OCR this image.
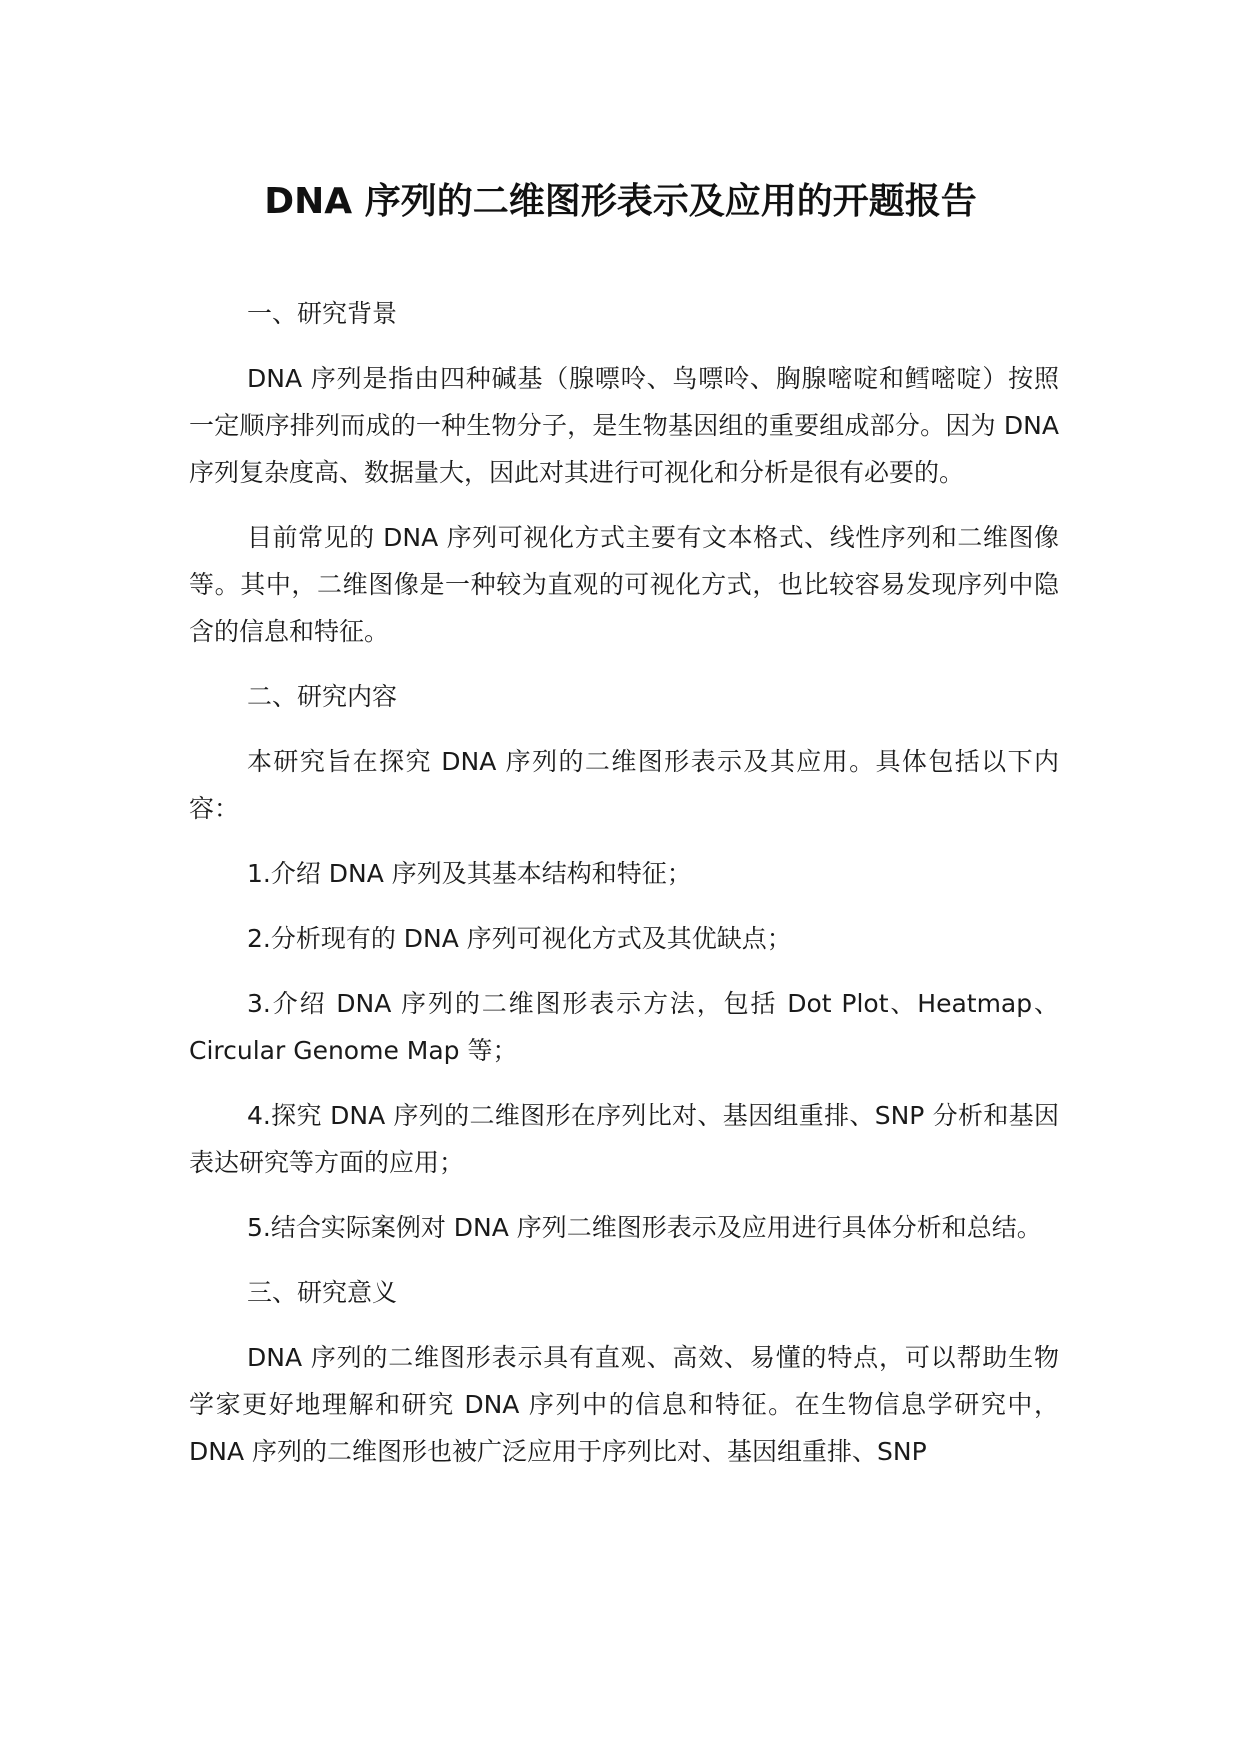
DNA 序列的二维图形表示及应用的开题报告

一、研究背景

DNA 序列是指由四种碱基（腺嘌呤、鸟嘌呤、胸腺嘧啶和鳕嘧啶）按照一定顺序排列而成的一种生物分子，是生物基因组的重要组成部分。因为 DNA 序列复杂度高、数据量大，因此对其进行可视化和分析是很有必要的。

目前常见的 DNA 序列可视化方式主要有文本格式、线性序列和二维图像等。其中，二维图像是一种较为直观的可视化方式，也比较容易发现序列中隐含的信息和特征。

二、研究内容

本研究旨在探究 DNA 序列的二维图形表示及其应用。具体包括以下内容：

1.介绍 DNA 序列及其基本结构和特征；

2.分析现有的 DNA 序列可视化方式及其优缺点；

3.介绍 DNA 序列的二维图形表示方法，包括 Dot Plot、Heatmap、Circular Genome Map 等；

4.探究 DNA 序列的二维图形在序列比对、基因组重排、SNP 分析和基因表达研究等方面的应用；

5.结合实际案例对 DNA 序列二维图形表示及应用进行具体分析和总结。

三、研究意义

DNA 序列的二维图形表示具有直观、高效、易懂的特点，可以帮助生物学家更好地理解和研究 DNA 序列中的信息和特征。在生物信息学研究中，DNA 序列的二维图形也被广泛应用于序列比对、基因组重排、SNP
